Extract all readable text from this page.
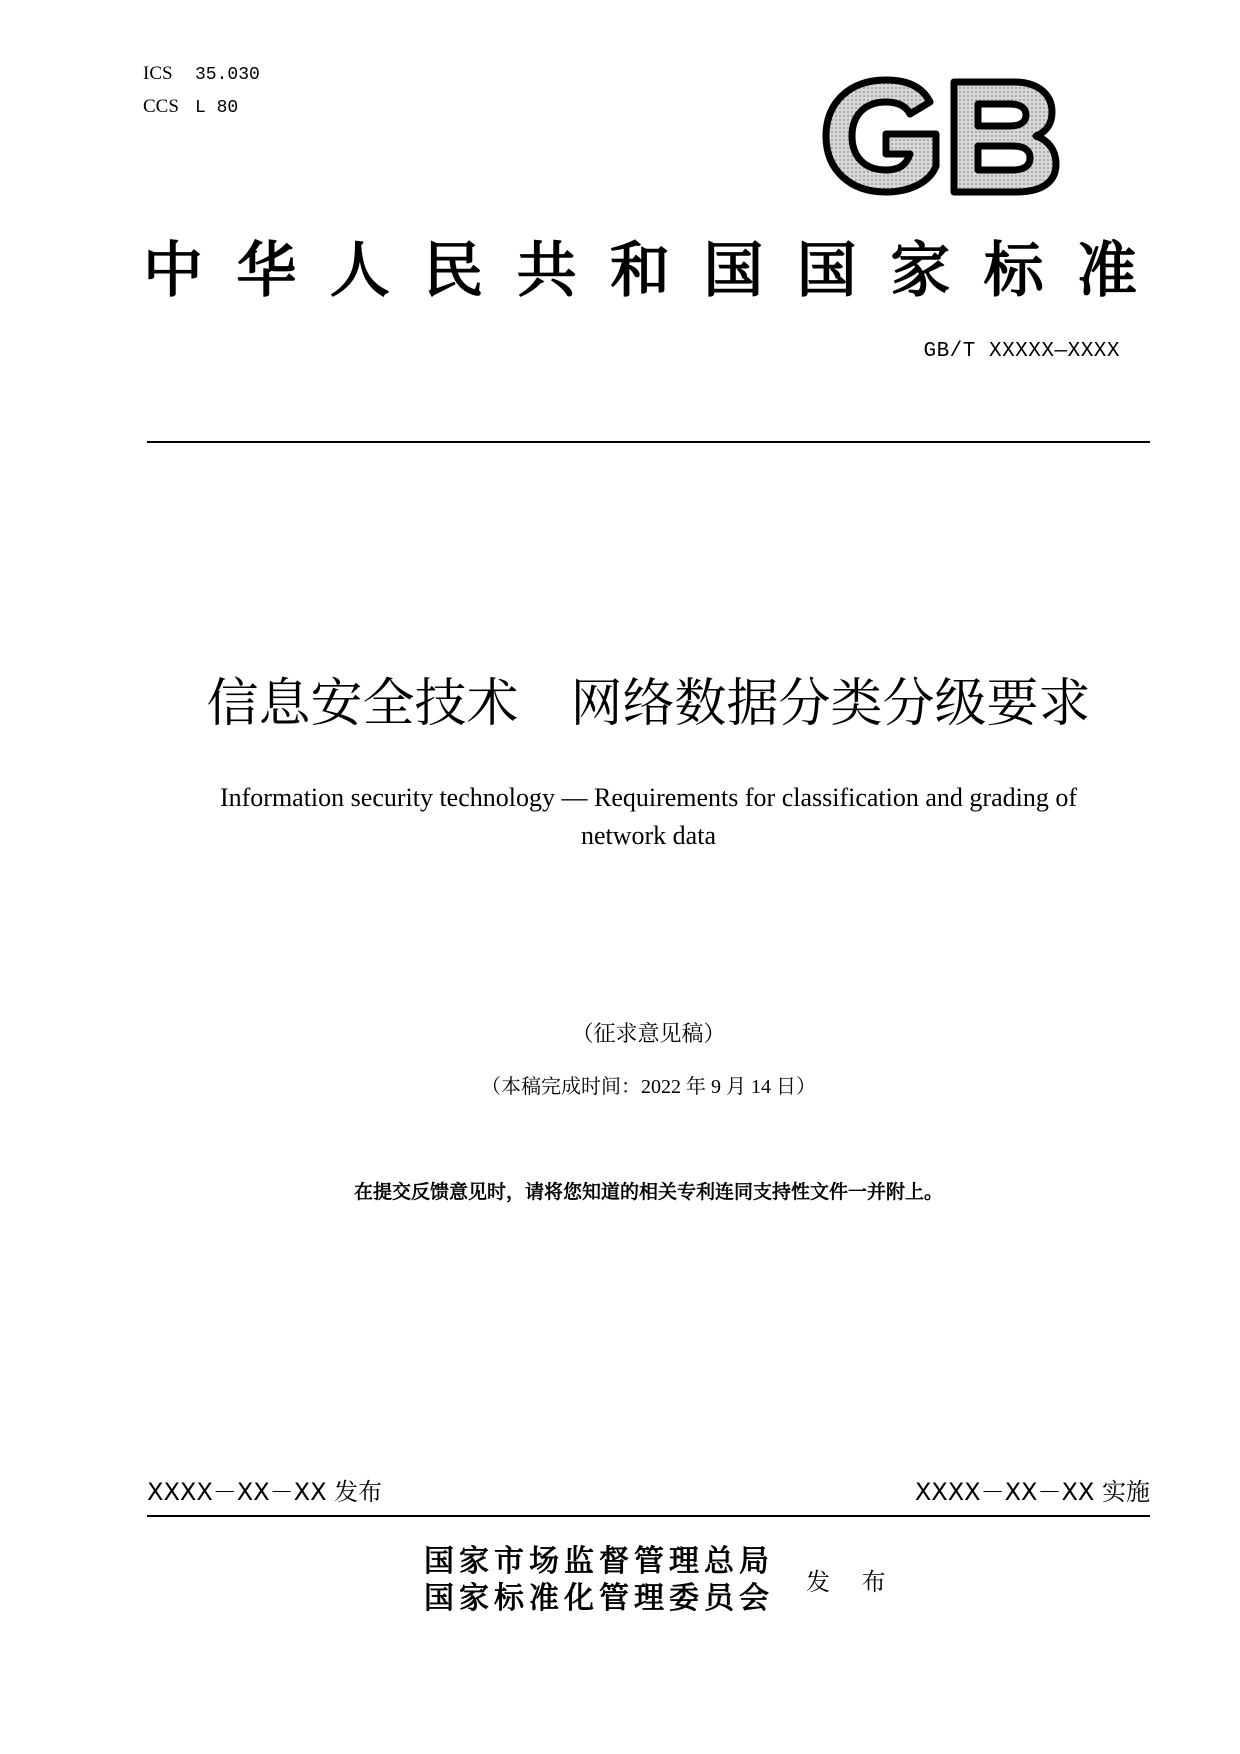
ICS	35.030
CCS L 80
中华人民共和国国家标准
GB/T XXXXX—XXXX
信息安全技术　网络数据分类分级要求
Information security technology — Requirements for classification and grading of
network data
（征求意见稿）
（本稿完成时间：2022 年 9 月 14 日）
在提交反馈意见时，请将您知道的相关专利连同支持性文件一并附上。
XXXX－XX－XX 发布	XXXX－XX－XX 实施
国家市场监督管理总局
国家标准化管理委员会 发 布
